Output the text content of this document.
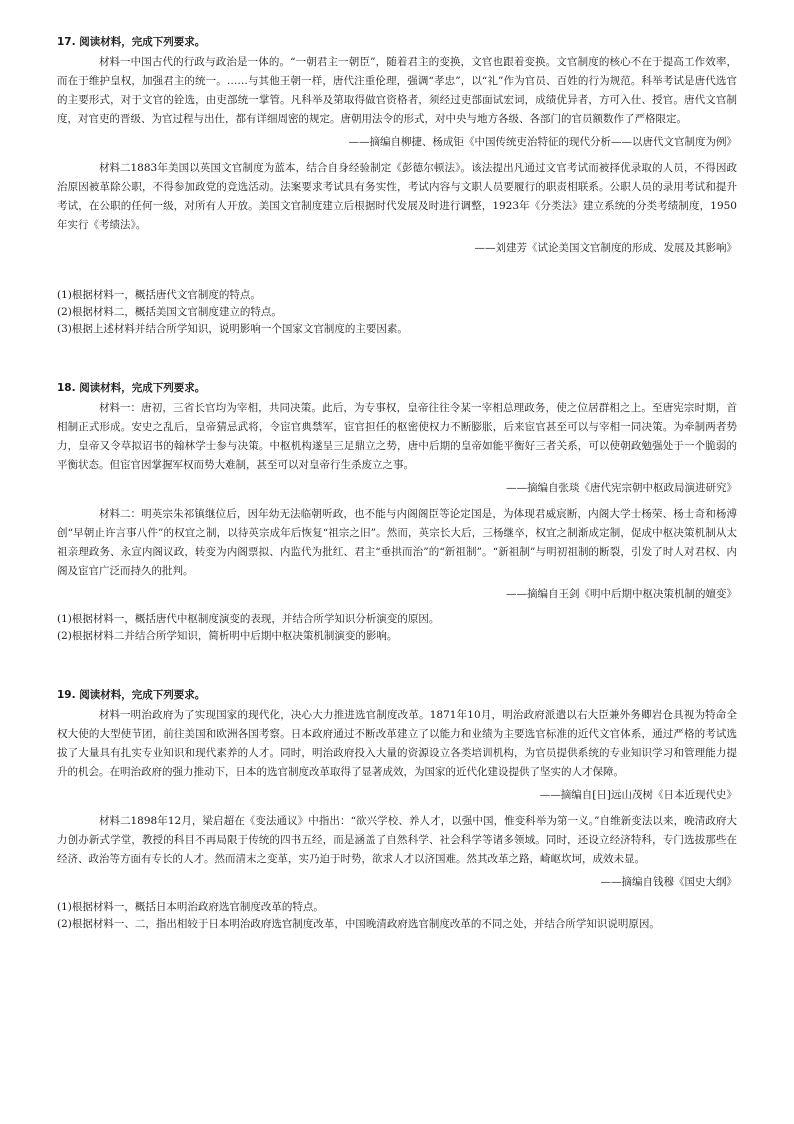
17. 阅读材料，完成下列要求。

材料一中国古代的行政与政治是一体的。“一朝君主一朝臣”，随着君主的变换，文官也跟着变换。文官制度的核心不在于提高工作效率，而在于维护皇权，加强君主的统一。……与其他王朝一样，唐代注重伦理，强调“孝忠”，以“礼”作为官员、百姓的行为规范。科举考试是唐代选官的主要形式，对于文官的铨选，由吏部统一掌管。凡科举及第取得做官资格者，须经过吏部面试宏词，成绩优异者，方可入仕、授官。唐代文官制度，对官吏的晋级、为官过程与出仕，都有详细周密的规定。唐朝用法令的形式，对中央与地方各级、各部门的官员额数作了严格限定。

——摘编自柳捷、杨成钜《中国传统吏治特征的现代分析——以唐代文官制度为例》

材料二1883年美国以英国文官制度为蓝本，结合自身经验制定《彭德尔顿法》。该法提出凡通过文官考试而被择优录取的人员，不得因政治原因被革除公职，不得参加政党的竞选活动。法案要求考试具有务实性，考试内容与文职人员要履行的职责相联系。公职人员的录用考试和提升考试，在公职的任何一级，对所有人开放。美国文官制度建立后根据时代发展及时进行调整，1923年《分类法》建立系统的分类考绩制度，1950年实行《考绩法》。

——刘建芳《试论美国文官制度的形成、发展及其影响》

(1)根据材料一，概括唐代文官制度的特点。

(2)根据材料二，概括美国文官制度建立的特点。

(3)根据上述材料并结合所学知识，说明影响一个国家文官制度的主要因素。

18. 阅读材料，完成下列要求。

材料一：唐初，三省长官均为宰相，共同决策。此后，为专事权，皇帝往往令某一宰相总理政务，使之位居群相之上。至唐宪宗时期，首相制正式形成。安史之乱后，皇帝猜忌武将，令宦官典禁军，宦官担任的枢密使权力不断膨胀，后来宦官甚至可以与宰相一同决策。为牵制两者势力，皇帝又令草拟诏书的翰林学士参与决策。中枢机构遂呈三足鼎立之势，唐中后期的皇帝如能平衡好三者关系，可以使朝政勉强处于一个脆弱的平衡状态。但宦官因掌握军权而势大难制，甚至可以对皇帝行生杀废立之事。

——摘编自张琰《唐代宪宗朝中枢政局演进研究》

材料二：明英宗朱祁镇继位后，因年幼无法临朝听政，也不能与内阁阁臣等论定国是，为体现君威宸断，内阁大学士杨荣、杨士奇和杨溥创“早朝止许言事八件”的权宜之制，以待英宗成年后恢复“祖宗之旧”。然而，英宗长大后，三杨继卒，权宜之制渐成定制，促成中枢决策机制从太祖亲理政务、永宣内阁议政，转变为内阁票拟、内监代为批红、君主“垂拱而治”的“新祖制”。“新祖制”与明初祖制的断裂，引发了时人对君权、内阁及宦官广泛而持久的批判。

——摘编自王剑《明中后期中枢决策机制的嬗变》

(1)根据材料一，概括唐代中枢制度演变的表现，并结合所学知识分析演变的原因。

(2)根据材料二并结合所学知识，简析明中后期中枢决策机制演变的影响。

19. 阅读材料，完成下列要求。

材料一明治政府为了实现国家的现代化，决心大力推进选官制度改革。1871年10月，明治政府派遣以右大臣兼外务卿岩仓具视为特命全权大使的大型使节团，前往美国和欧洲各国考察。日本政府通过不断改革建立了以能力和业绩为主要选官标准的近代文官体系，通过严格的考试选拔了大量具有扎实专业知识和现代素养的人才。同时，明治政府投入大量的资源设立各类培训机构，为官员提供系统的专业知识学习和管理能力提升的机会。在明治政府的强力推动下，日本的选官制度改革取得了显著成效，为国家的近代化建设提供了坚实的人才保障。

——摘编自[日]远山茂树《日本近现代史》

材料二1898年12月，梁启超在《变法通议》中指出：“欲兴学校、养人才，以强中国，惟变科举为第一义。”自维新变法以来，晚清政府大力创办新式学堂，教授的科目不再局限于传统的四书五经，而是涵盖了自然科学、社会科学等诸多领域。同时，还设立经济特科，专门选拔那些在经济、政治等方面有专长的人才。然而清末之变革，实乃迫于时势，欲求人才以济国难。然其改革之路，崎岖坎坷，成效未显。

——摘编自钱穆《国史大纲》

(1)根据材料一，概括日本明治政府选官制度改革的特点。

(2)根据材料一、二，指出相较于日本明治政府选官制度改革，中国晚清政府选官制度改革的不同之处，并结合所学知识说明原因。
